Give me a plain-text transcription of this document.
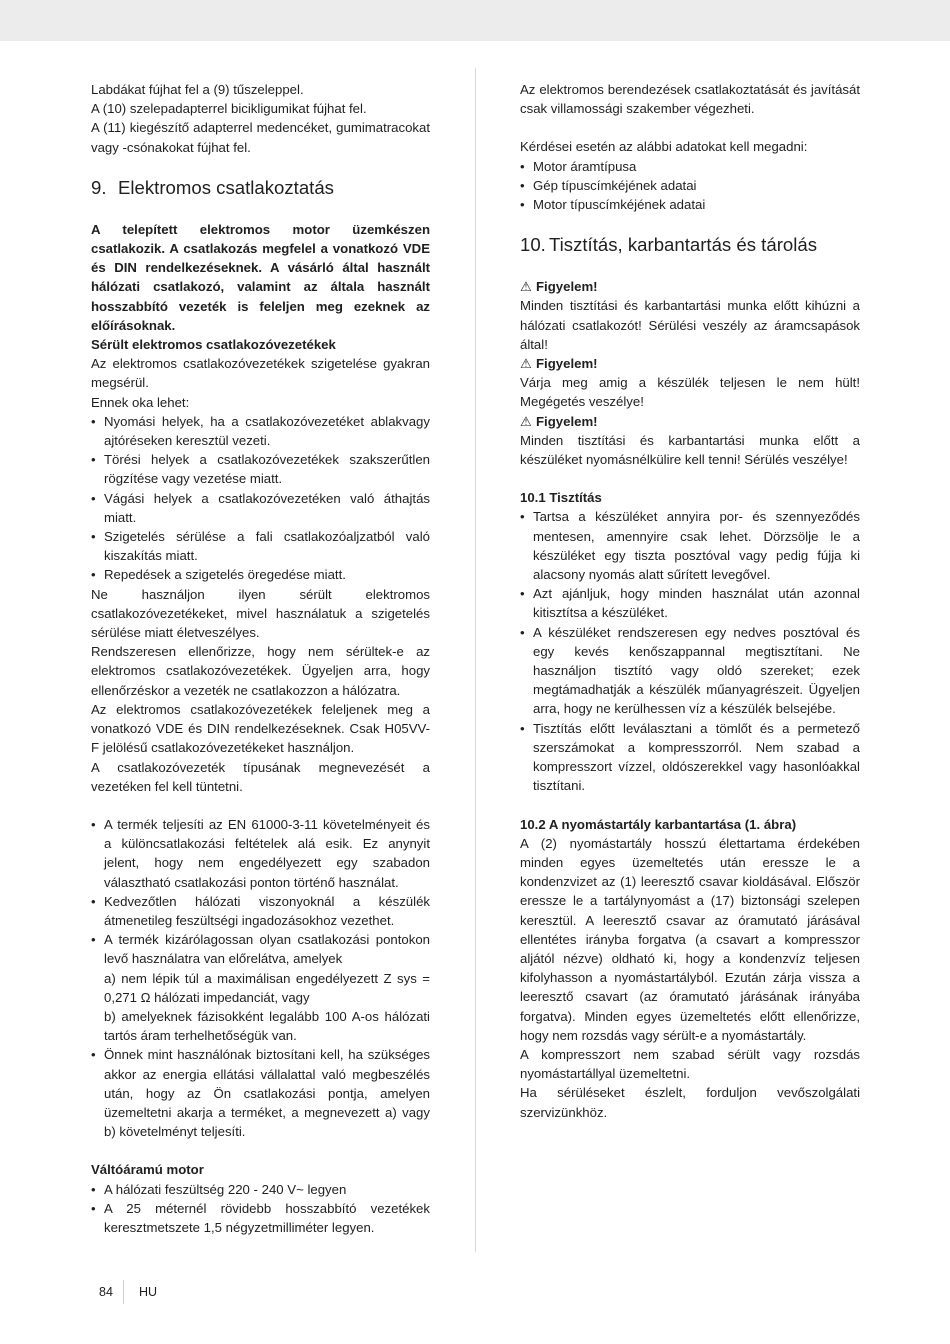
Labdákat fújhat fel a (9) tűszeleppel.

A (10) szelepadapterrel bicikligumikat fújhat fel.

A (11) kiegészítő adapterrel medencéket, gumimatracokat vagy -csónakokat fújhat fel.

9. Elektromos csatlakoztatás

A telepített elektromos motor üzemkészen csatlakozik. A csatlakozás megfelel a vonatkozó VDE és DIN rendelkezéseknek. A vásárló által használt hálózati csatlakozó, valamint az általa használt hosszabbító vezeték is feleljen meg ezeknek az előírásoknak.

Sérült elektromos csatlakozóvezetékek

Az elektromos csatlakozóvezetékek szigetelése gyakran megsérül.

Ennek oka lehet:

• Nyomási helyek, ha a csatlakozóvezetéket ablakvagy ajtóréseken keresztül vezeti.
• Törési helyek a csatlakozóvezetékek szakszerűtlen rögzítése vagy vezetése miatt.
• Vágási helyek a csatlakozóvezetéken való áthajtás miatt.
• Szigetelés sérülése a fali csatlakozóaljzatból való kiszakítás miatt.
• Repedések a szigetelés öregedése miatt.

Ne használjon ilyen sérült elektromos csatlakozóvezetékeket, mivel használatuk a szigetelés sérülése miatt életveszélyes.

Rendszeresen ellenőrizze, hogy nem sérültek-e az elektromos csatlakozóvezetékek. Ügyeljen arra, hogy ellenőrzéskor a vezeték ne csatlakozzon a hálózatra.

Az elektromos csatlakozóvezetékek feleljenek meg a vonatkozó VDE és DIN rendelkezéseknek. Csak H05VV-F jelölésű csatlakozóvezetékeket használjon.

A csatlakozóvezeték típusának megnevezését a vezetéken fel kell tüntetni.

• A termék teljesíti az EN 61000-3-11 követelményeit és a különcsatlakozási feltételek alá esik. Ez anynyit jelent, hogy nem engedélyezett egy szabadon választható csatlakozási ponton történő használat.
• Kedvezőtlen hálózati viszonyoknál a készülék átmenetileg feszültségi ingadozásokhoz vezethet.
• A termék kizárólagossan olyan csatlakozási pontokon levő használatra van előrelátva, amelyek
a) nem lépik túl a maximálisan engedélyezett Z sys = 0,271 Ω hálózati impedanciát, vagy
b) amelyeknek fázisokként legalább 100 A-os hálózati tartós áram terhelhetőségük van.
• Önnek mint használónak biztosítani kell, ha szükséges akkor az energia ellátási vállalattal való megbeszélés után, hogy az Ön csatlakozási pontja, amelyen üzemeltetni akarja a terméket, a megnevezett a) vagy b) követelményt teljesíti.

Váltóáramú motor

• A hálózati feszültség 220 - 240 V~ legyen
• A 25 méternél rövidebb hosszabbító vezetékek keresztmetszete 1,5 négyzetmilliméter legyen.

Az elektromos berendezések csatlakoztatását és javítását csak villamossági szakember végezheti.

Kérdései esetén az alábbi adatokat kell megadni:

• Motor áramtípusa
• Gép típuscímkéjének adatai
• Motor típuscímkéjének adatai
10. Tisztítás, karbantartás és tárolás

⚠ Figyelem!

Minden tisztítási és karbantartási munka előtt kihúzni a hálózati csatlakozót! Sérülési veszély az áramcsapások által!

⚠ Figyelem!

Várja meg amig a készülék teljesen le nem hült! Megégetés veszélye!

⚠ Figyelem!

Minden tisztítási és karbantartási munka előtt a készüléket nyomásnélkülire kell tenni! Sérülés veszélye!

10.1 Tisztítás

• Tartsa a készüléket annyira por- és szennyeződés mentesen, amennyire csak lehet. Dörzsölje le a készüléket egy tiszta posztóval vagy pedig fújja ki alacsony nyomás alatt sűrített levegővel.
• Azt ajánljuk, hogy minden használat után azonnal kitisztítsa a készüléket.
• A készüléket rendszeresen egy nedves posztóval és egy kevés kenőszappannal megtisztítani. Ne használjon tisztító vagy oldó szereket; ezek megtámadhatják a készülék műanyagrészeit. Ügyeljen arra, hogy ne kerülhessen víz a készülék belsejébe.
• Tisztítás előtt leválasztani a tömlőt és a permetező szerszámokat a kompresszorról. Nem szabad a kompresszort vízzel, oldószerekkel vagy hasonlóakkal tisztítani.

10.2 A nyomástartály karbantartása (1. ábra)

A (2) nyomástartály hosszú élettartama érdekében minden egyes üzemeltetés után eressze le a kondenzvizet az (1) leeresztő csavar kioldásával. Először eressze le a tartálynyomást a (17) biztonsági szelepen keresztül. A leeresztő csavar az óramutató járásával ellentétes irányba forgatva (a csavart a kompresszor aljától nézve) oldható ki, hogy a kondenzvíz teljesen kifolyhasson a nyomástartályból. Ezután zárja vissza a leeresztő csavart (az óramutató járásának irányába forgatva). Minden egyes üzemeltetés előtt ellenőrizze, hogy nem rozsdás vagy sérült-e a nyomástartály.

A kompresszort nem szabad sérült vagy rozsdás nyomástartállyal üzemeltetni.

Ha sérüléseket észlelt, forduljon vevőszolgálati szervizünkhöz.

84 HU
